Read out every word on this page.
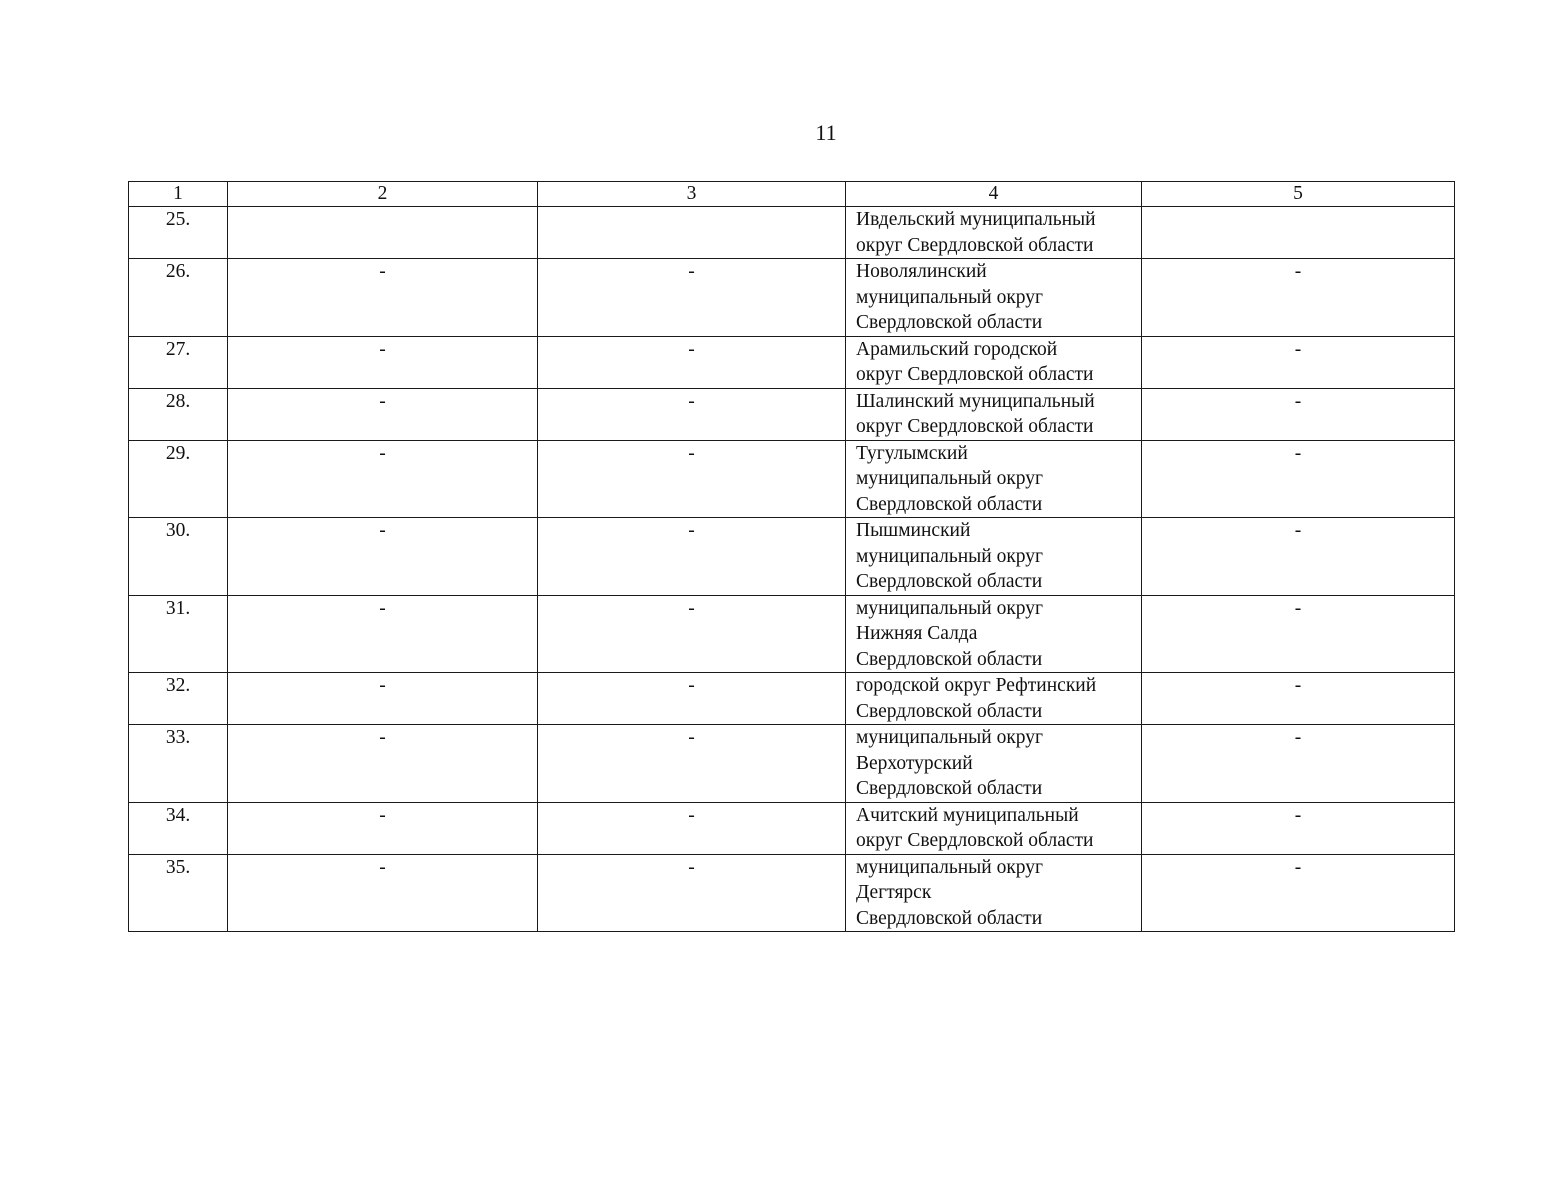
11
1	2	3	4	5
25.			Ивдельский муниципальный
округ Свердловской области	

26.	-	-	Новолялинский
муниципальный округ
Свердловской области	-
27.	-	-	Арамильский городской
округ Свердловской области	-
28.	-	-	Шалинский муниципальный
округ Свердловской области	-
29.	-	-	Тугулымский
муниципальный округ
Свердловской области	-
30.	-	-	Пышминский
муниципальный округ
Свердловской области	-
31.	-	-	муниципальный округ
Нижняя Салда
Свердловской области	-
32.	-	-	городской округ Рефтинский
Свердловской области	-
33.	-	-	муниципальный округ
Верхотурский
Свердловской области	-
34.	-	-	Ачитский муниципальный
округ Свердловской области	-
35.	-	-	муниципальный округ
Дегтярск
Свердловской области	-
